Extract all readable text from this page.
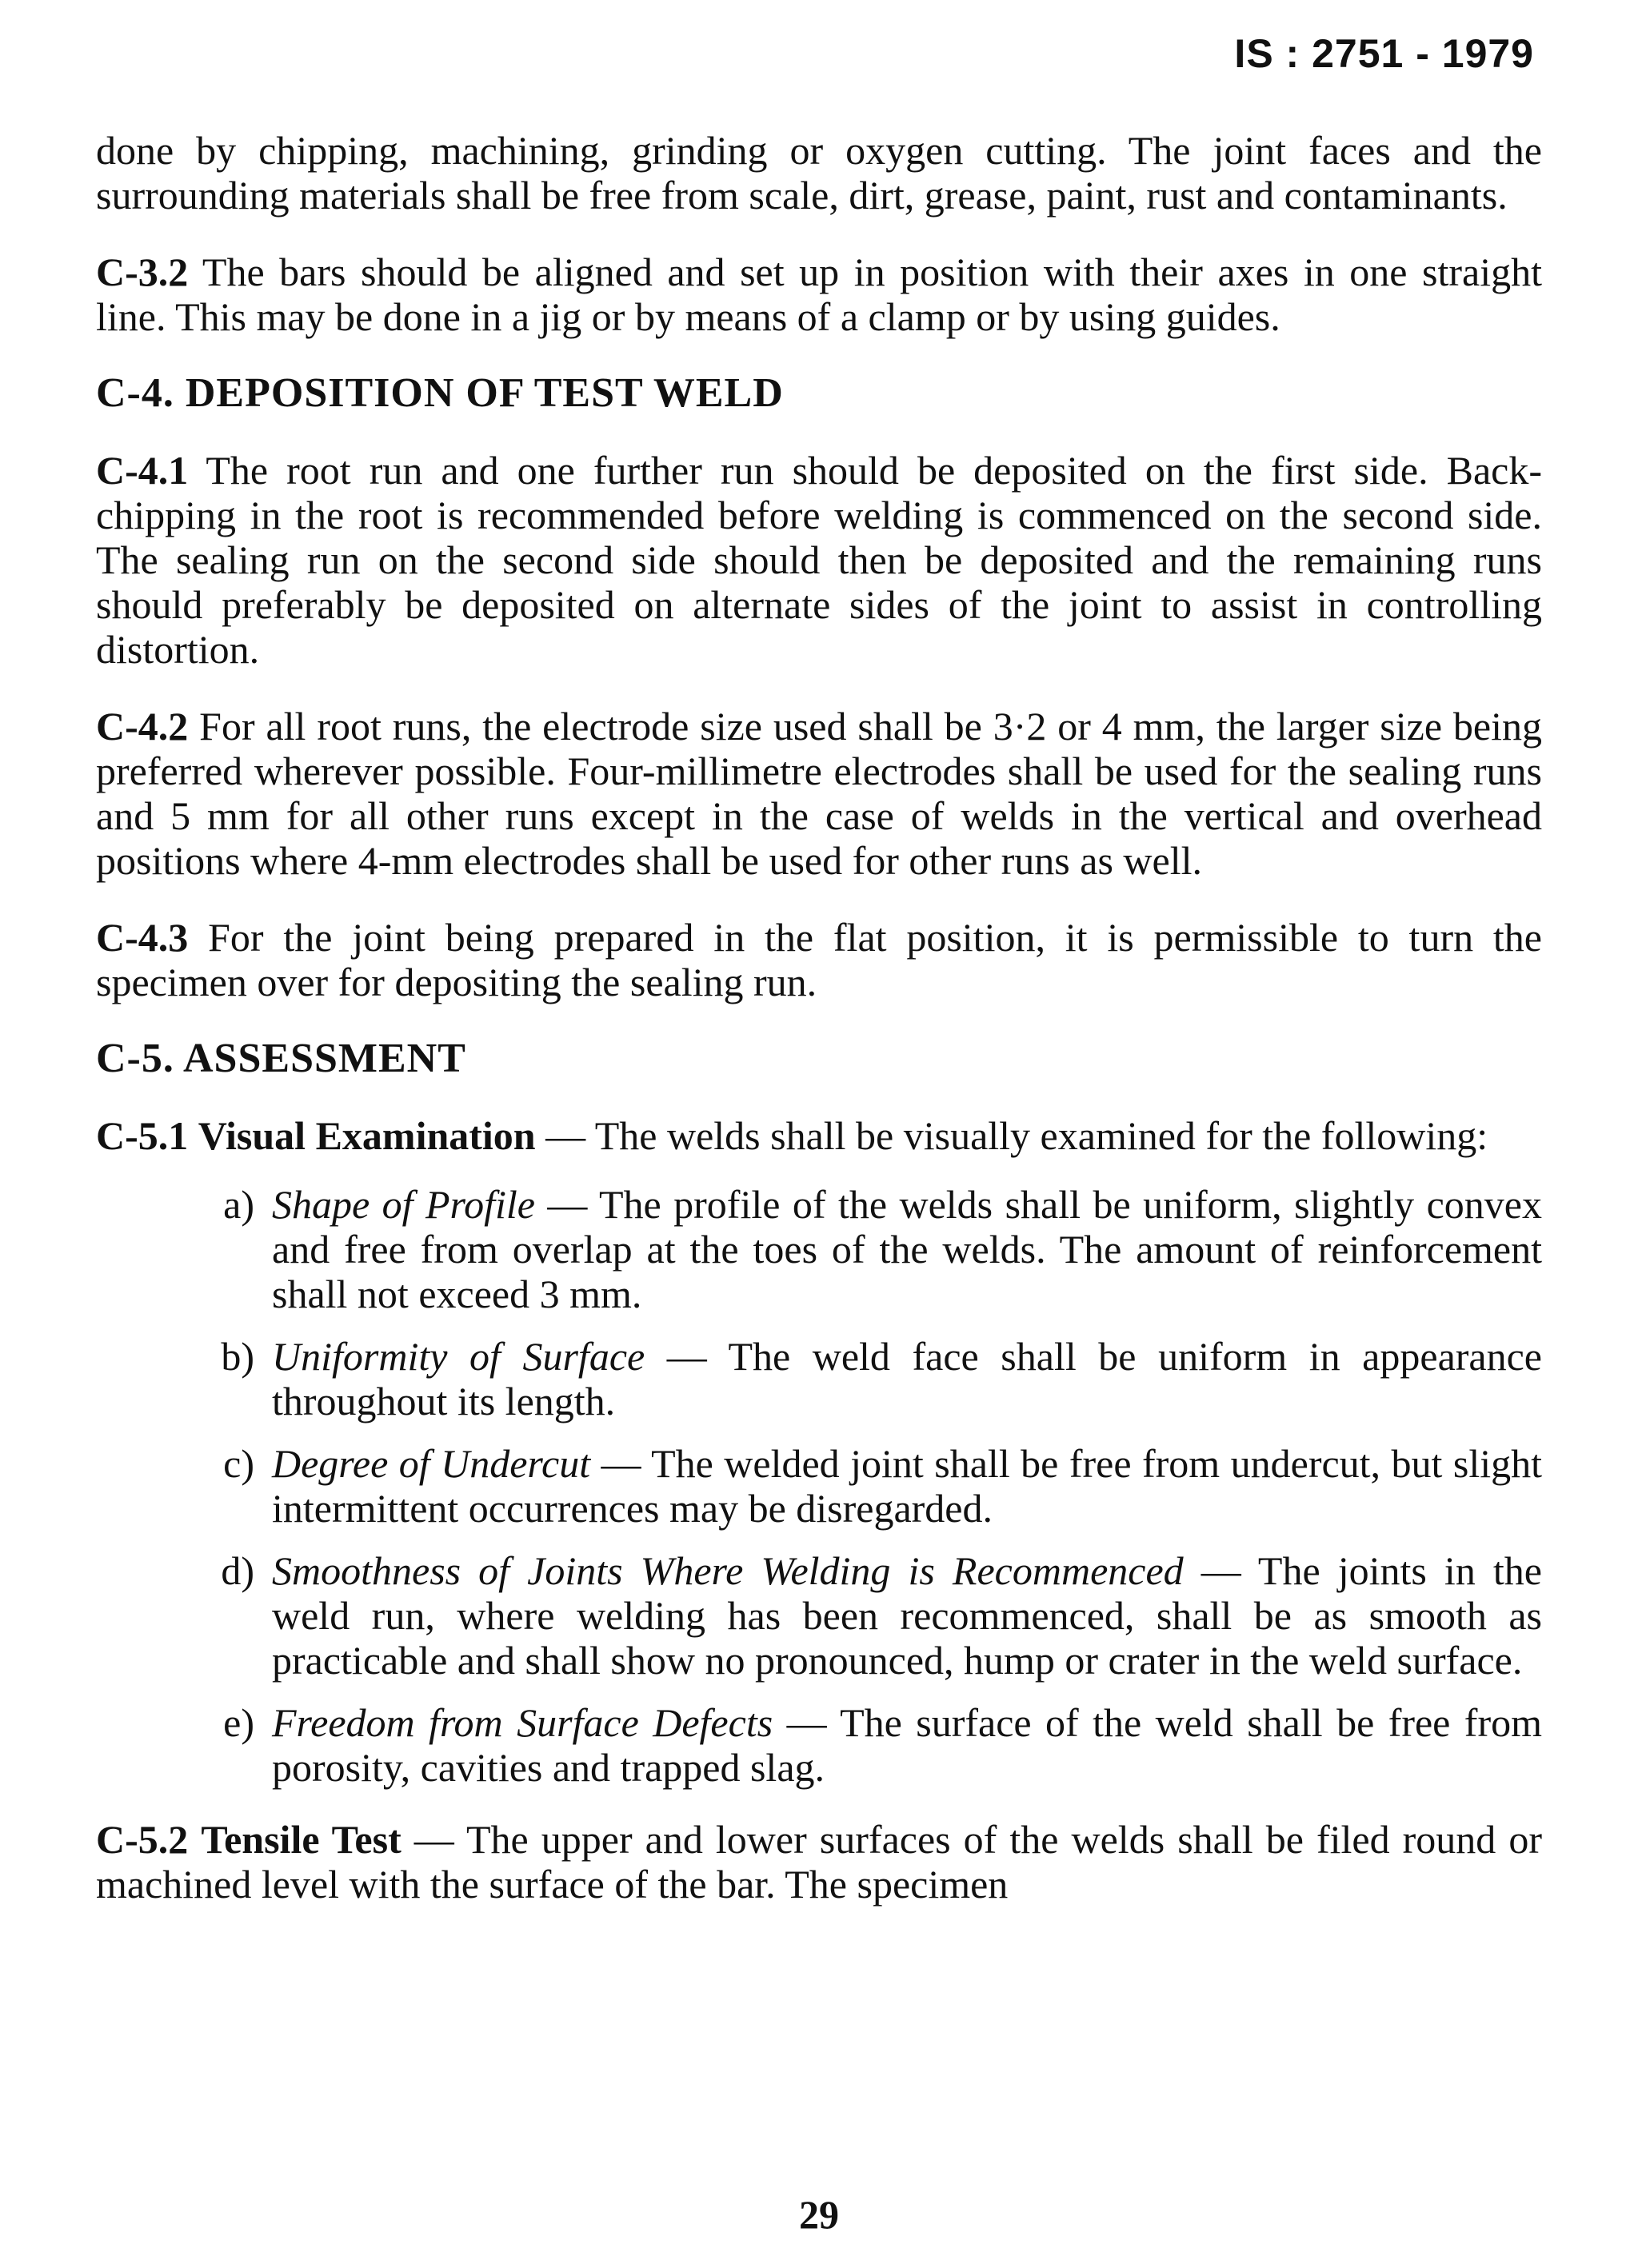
IS : 2751 - 1979

done by chipping, machining, grinding or oxygen cutting. The joint faces and the surrounding materials shall be free from scale, dirt, grease, paint, rust and contaminants.

C-3.2 The bars should be aligned and set up in position with their axes in one straight line. This may be done in a jig or by means of a clamp or by using guides.

C-4. DEPOSITION OF TEST WELD

C-4.1 The root run and one further run should be deposited on the first side. Back-chipping in the root is recommended before welding is commenced on the second side. The sealing run on the second side should then be deposited and the remaining runs should preferably be deposited on alternate sides of the joint to assist in controlling distortion.

C-4.2 For all root runs, the electrode size used shall be 3·2 or 4 mm, the larger size being preferred wherever possible. Four-millimetre electrodes shall be used for the sealing runs and 5 mm for all other runs except in the case of welds in the vertical and overhead positions where 4-mm electrodes shall be used for other runs as well.

C-4.3 For the joint being prepared in the flat position, it is permissible to turn the specimen over for depositing the sealing run.

C-5. ASSESSMENT

C-5.1 Visual Examination — The welds shall be visually examined for the following:

a) Shape of Profile — The profile of the welds shall be uniform, slightly convex and free from overlap at the toes of the welds. The amount of reinforcement shall not exceed 3 mm.
b) Uniformity of Surface — The weld face shall be uniform in appearance throughout its length.
c) Degree of Undercut — The welded joint shall be free from undercut, but slight intermittent occurrences may be disregarded.
d) Smoothness of Joints Where Welding is Recommenced — The joints in the weld run, where welding has been recommenced, shall be as smooth as practicable and shall show no pronounced, hump or crater in the weld surface.
e) Freedom from Surface Defects — The surface of the weld shall be free from porosity, cavities and trapped slag.

C-5.2 Tensile Test — The upper and lower surfaces of the welds shall be filed round or machined level with the surface of the bar. The specimen

29
